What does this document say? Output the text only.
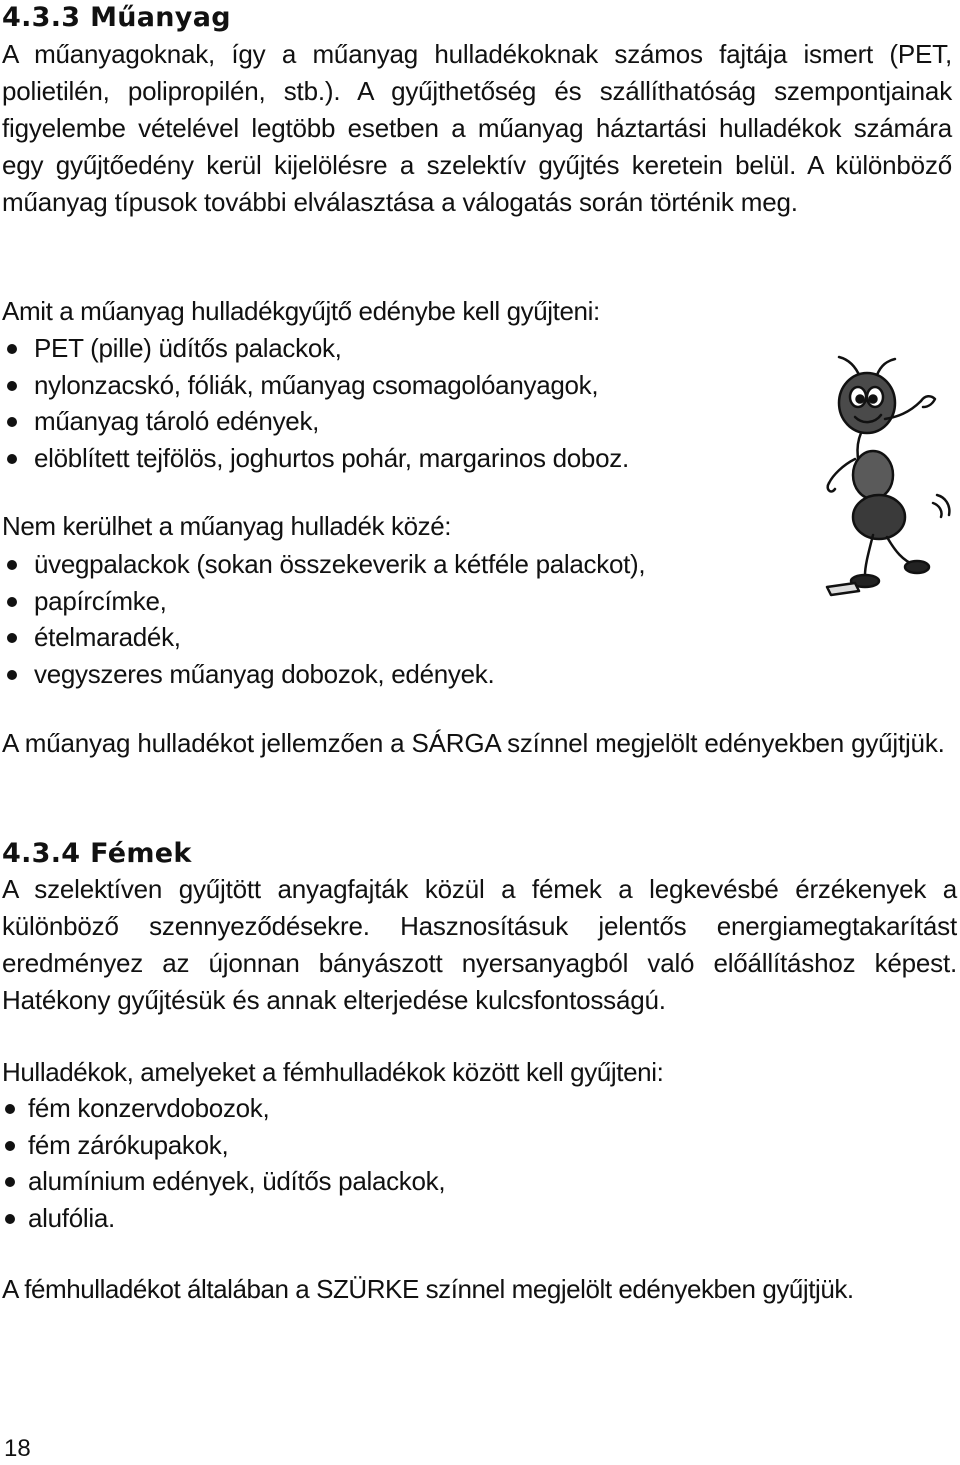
4.3.3 Műanyag

A műanyagoknak, így a műanyag hulladékoknak számos fajtája ismert (PET, polietilén, polipropilén, stb.). A gyűjthetőség és szállíthatóság szempontjainak figyelembe vételével legtöbb esetben a műanyag háztartási hulladékok számára egy gyűjtőedény kerül kijelölésre a szelektív gyűjtés keretein belül. A különböző műanyag típusok további elválasztása a válogatás során történik meg.

Amit a műanyag hulladékgyűjtő edénybe kell gyűjteni:

PET (pille) üdítős palackok,
nylonzacskó, fóliák, műanyag csomagolóanyagok,
műanyag tároló edények,
elöblített tejfölös, joghurtos pohár, margarinos doboz.

Nem kerülhet a műanyag hulladék közé:

üvegpalackok (sokan összekeverik a kétféle palackot),
papírcímke,
ételmaradék,
vegyszeres műanyag dobozok, edények.

A műanyag hulladékot jellemzően a SÁRGA színnel megjelölt edényekben gyűjtjük.

4.3.4 Fémek

A szelektíven gyűjtött anyagfajták közül a fémek a legkevésbé érzékenyek a különböző szennyeződésekre. Hasznosításuk jelentős energiamegtakarítást eredményez az újonnan bányászott nyersanyagból való előállításhoz képest. Hatékony gyűjtésük és annak elterjedése kulcsfontosságú.

Hulladékok, amelyeket a fémhulladékok között kell gyűjteni:

fém konzervdobozok,
fém zárókupakok,
alumínium edények, üdítős palackok,
alufólia.

A fémhulladékot általában a SZÜRKE színnel megjelölt edényekben gyűjtjük.

18
